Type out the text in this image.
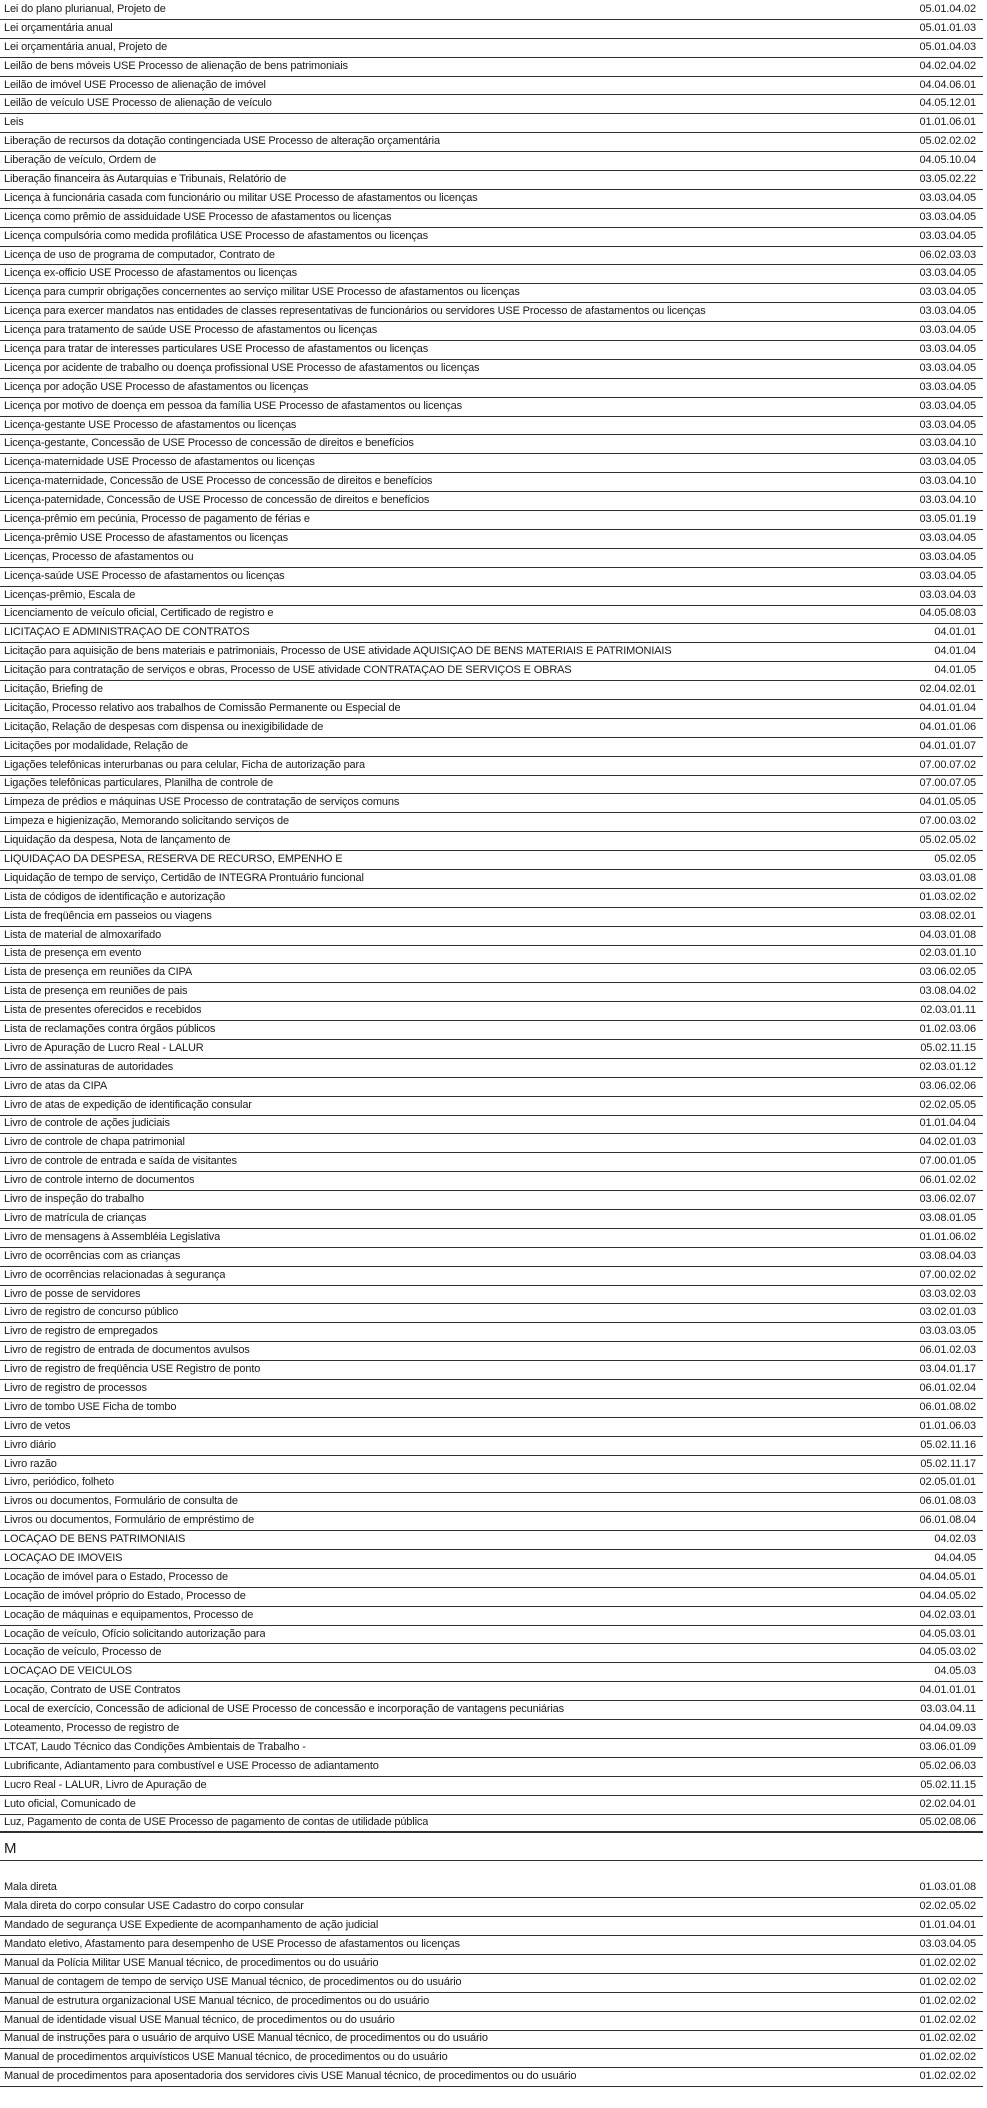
Lei do plano plurianual, Projeto de	05.01.04.02
Lei orçamentária anual	05.01.01.03
Lei orçamentária anual, Projeto de	05.01.04.03
Leilão de bens móveis USE Processo de alienação de bens patrimoniais	04.02.04.02
Leilão de imóvel USE Processo de alienação de imóvel	04.04.06.01
Leilão de veículo USE Processo de alienação de veículo	04.05.12.01
Leis	01.01.06.01
Liberação de recursos da dotação contingenciada USE Processo de alteração orçamentária	05.02.02.02
Liberação de veículo, Ordem de	04.05.10.04
Liberação financeira às Autarquias e Tribunais, Relatório de	03.05.02.22
Licença à funcionária casada com funcionário ou militar USE Processo de afastamentos ou licenças	03.03.04.05
Licença como prêmio de assiduidade USE Processo de afastamentos ou licenças	03.03.04.05
Licença compulsória como medida profilática USE Processo de afastamentos ou licenças	03.03.04.05
Licença de uso de programa de computador, Contrato de	06.02.03.03
Licença ex-officio USE Processo de afastamentos ou licenças	03.03.04.05
Licença para cumprir obrigações concernentes ao serviço militar USE Processo de afastamentos ou licenças	03.03.04.05
Licença para exercer mandatos nas entidades de classes representativas de funcionários ou servidores USE Processo de afastamentos ou licenças	03.03.04.05
Licença para tratamento de saúde USE Processo de afastamentos ou licenças	03.03.04.05
Licença para tratar de interesses particulares USE Processo de afastamentos ou licenças	03.03.04.05
Licença por acidente de trabalho ou doença profissional USE Processo de afastamentos ou licenças	03.03.04.05
Licença por adoção USE Processo de afastamentos ou licenças	03.03.04.05
Licença por motivo de doença em pessoa da família USE Processo de afastamentos ou licenças	03.03.04.05
Licença-gestante USE Processo de afastamentos ou licenças	03.03.04.05
Licença-gestante, Concessão de USE Processo de concessão de direitos e benefícios	03.03.04.10
Licença-maternidade USE Processo de afastamentos ou licenças	03.03.04.05
Licença-maternidade, Concessão de USE Processo de concessão de direitos e benefícios	03.03.04.10
Licença-paternidade, Concessão de USE Processo de concessão de direitos e benefícios	03.03.04.10
Licença-prêmio em pecúnia, Processo de pagamento de férias e	03.05.01.19
Licença-prêmio USE Processo de afastamentos ou licenças	03.03.04.05
Licenças, Processo de afastamentos ou	03.03.04.05
Licença-saúde USE Processo de afastamentos ou licenças	03.03.04.05
Licenças-prêmio, Escala de	03.03.04.03
Licenciamento de veículo oficial, Certificado de registro e	04.05.08.03
LICITAÇÃO E ADMINISTRAÇÃO DE CONTRATOS	04.01.01
Licitação para aquisição de bens materiais e patrimoniais, Processo de USE atividade AQUISIÇÃO DE BENS MATERIAIS E PATRIMONIAIS	04.01.04
Licitação para contratação de serviços e obras, Processo de USE atividade CONTRATAÇÃO DE SERVIÇOS E OBRAS	04.01.05
Licitação, Briefing de	02.04.02.01
Licitação, Processo relativo aos trabalhos de Comissão Permanente ou Especial de	04.01.01.04
Licitação, Relação de despesas com dispensa ou inexigibilidade de	04.01.01.06
Licitações por modalidade, Relação de	04.01.01.07
Ligações telefônicas interurbanas ou para celular, Ficha de autorização para	07.00.07.02
Ligações telefônicas particulares, Planilha de controle de	07.00.07.05
Limpeza de prédios e máquinas USE Processo de contratação de serviços comuns	04.01.05.05
Limpeza e higienização, Memorando solicitando serviços de	07.00.03.02
Liquidação da despesa, Nota de lançamento de	05.02.05.02
LIQUIDAÇÃO DA DESPESA, RESERVA DE RECURSO, EMPENHO E	05.02.05
Liquidação de tempo de serviço, Certidão de INTEGRA Prontuário funcional	03.03.01.08
Lista de códigos de identificação e autorização	01.03.02.02
Lista de freqüência em passeios ou viagens	03.08.02.01
Lista de material de almoxarifado	04.03.01.08
Lista de presença em evento	02.03.01.10
Lista de presença em reuniões da CIPA	03.06.02.05
Lista de presença em reuniões de pais	03.08.04.02
Lista de presentes oferecidos e recebidos	02.03.01.11
Lista de reclamações contra órgãos públicos	01.02.03.06
Livro de Apuração de Lucro Real - LALUR	05.02.11.15
Livro de assinaturas de autoridades	02.03.01.12
Livro de atas da CIPA	03.06.02.06
Livro de atas de expedição de identificação consular	02.02.05.05
Livro de controle de ações judiciais	01.01.04.04
Livro de controle de chapa patrimonial	04.02.01.03
Livro de controle de entrada e saída de visitantes	07.00.01.05
Livro de controle interno de documentos	06.01.02.02
Livro de inspeção do trabalho	03.06.02.07
Livro de matrícula de crianças	03.08.01.05
Livro de mensagens à Assembléia Legislativa	01.01.06.02
Livro de ocorrências com as crianças	03.08.04.03
Livro de ocorrências relacionadas à segurança	07.00.02.02
Livro de posse de servidores	03.03.02.03
Livro de registro de concurso público	03.02.01.03
Livro de registro de empregados	03.03.03.05
Livro de registro de entrada de documentos avulsos	06.01.02.03
Livro de registro de freqüência USE Registro de ponto	03.04.01.17
Livro de registro de processos	06.01.02.04
Livro de tombo USE Ficha de tombo	06.01.08.02
Livro de vetos	01.01.06.03
Livro diário	05.02.11.16
Livro razão	05.02.11.17
Livro, periódico, folheto	02.05.01.01
Livros ou documentos, Formulário de consulta de	06.01.08.03
Livros ou documentos, Formulário de empréstimo de	06.01.08.04
LOCAÇÃO DE BENS PATRIMONIAIS	04.02.03
LOCAÇÃO DE IMÓVEIS	04.04.05
Locação de imóvel para o Estado, Processo de	04.04.05.01
Locação de imóvel próprio do Estado, Processo de	04.04.05.02
Locação de máquinas e equipamentos, Processo de	04.02.03.01
Locação de veículo, Ofício solicitando autorização para	04.05.03.01
Locação de veículo, Processo de	04.05.03.02
LOCAÇÃO DE VEÍCULOS	04.05.03
Locação, Contrato de USE Contratos	04.01.01.01
Local de exercício, Concessão de adicional de USE Processo de concessão e incorporação de vantagens pecuniárias	03.03.04.11
Loteamento, Processo de registro de	04.04.09.03
LTCAT, Laudo Técnico das Condições Ambientais de Trabalho -	03.06.01.09
Lubrificante, Adiantamento para combustível e USE Processo de adiantamento	05.02.06.03
Lucro Real - LALUR, Livro de Apuração de	05.02.11.15
Luto oficial, Comunicado de	02.02.04.01
Luz, Pagamento de conta de USE Processo de pagamento de contas de utilidade pública	05.02.08.06
M
Mala direta	01.03.01.08
Mala direta do corpo consular USE Cadastro do corpo consular	02.02.05.02
Mandado de segurança USE Expediente de acompanhamento de ação judicial	01.01.04.01
Mandato eletivo, Afastamento para desempenho de USE Processo de afastamentos ou licenças	03.03.04.05
Manual da Polícia Militar USE Manual técnico, de procedimentos ou do usuário	01.02.02.02
Manual de contagem de tempo de serviço USE Manual técnico, de procedimentos ou do usuário	01.02.02.02
Manual de estrutura organizacional USE Manual técnico, de procedimentos ou do usuário	01.02.02.02
Manual de identidade visual USE Manual técnico, de procedimentos ou do usuário	01.02.02.02
Manual de instruções para o usuário de arquivo USE Manual técnico, de procedimentos ou do usuário	01.02.02.02
Manual de procedimentos arquivísticos USE Manual técnico, de procedimentos ou do usuário	01.02.02.02
Manual de procedimentos para aposentadoria dos servidores civis USE Manual técnico, de procedimentos ou do usuário	01.02.02.02
